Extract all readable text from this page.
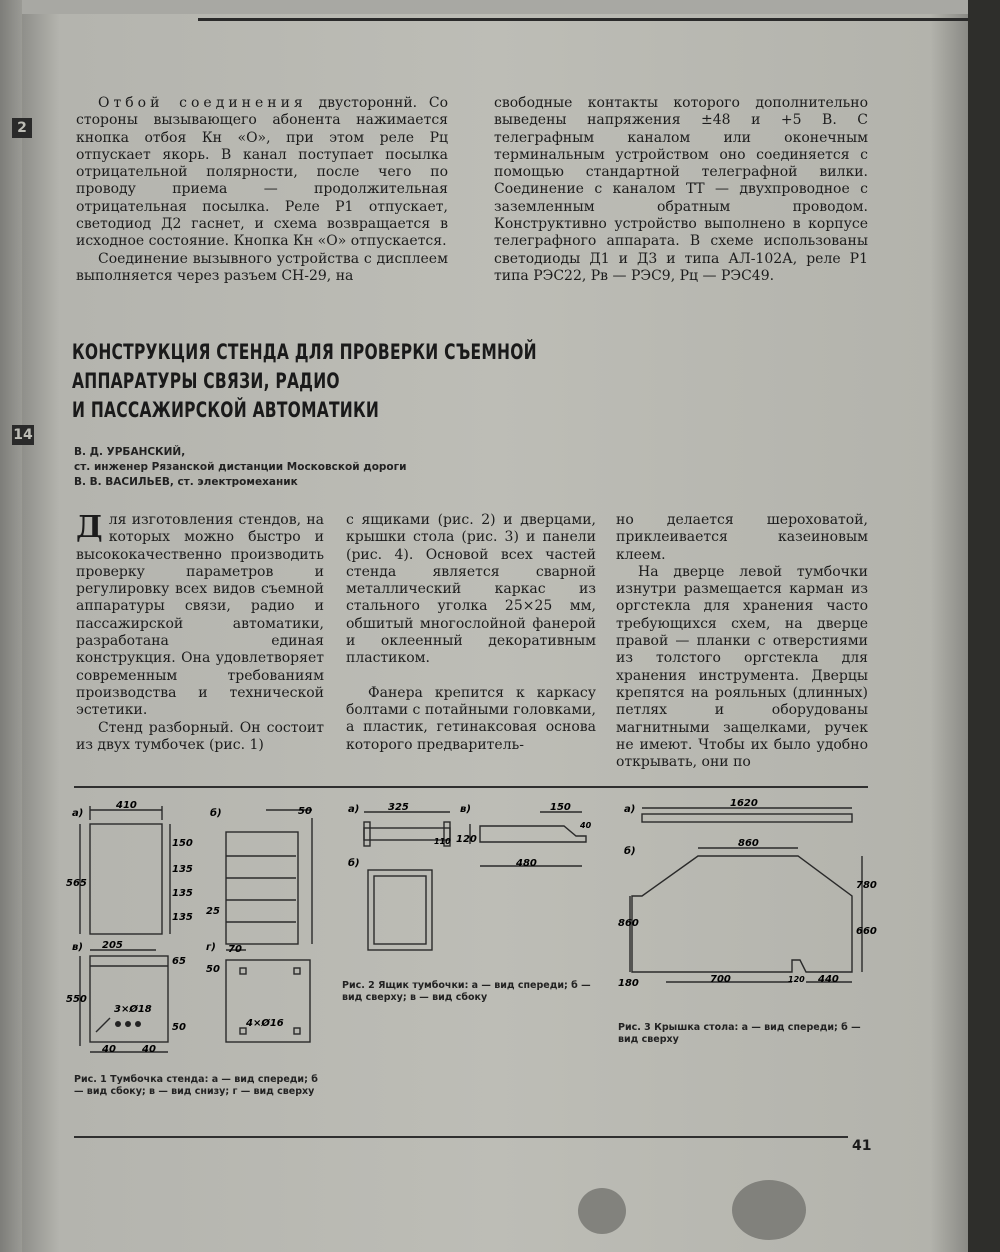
2
14

Отбой соединения двустороннй. Со стороны вызывающего абонента нажимается кнопка отбоя Кн «О», при этом реле Рц отпускает якорь. В канал поступает посылка отрицательной полярности, после чего по проводу приема — продолжительная отрицательная посылка. Реле Р1 отпускает, светодиод Д2 гаснет, и схема возвращается в исходное состояние. Кнопка Кн «О» отпускается.

Соединение вызывного устройства с дисплеем выполняется через разъем СН-29, на

свободные контакты которого дополнительно выведены напряжения ±48 и +5 В. С телеграфным каналом или оконечным терминальным устройством оно соединяется с помощью стандартной телеграфной вилки. Соединение с каналом ТТ — двухпроводное с заземленным обратным проводом. Конструктивно устройство выполнено в корпусе телеграфного аппарата. В схеме использованы светодиоды Д1 и Д3 и типа АЛ-102А, реле Р1 типа РЭС22, Рв — РЭС9, Рц — РЭС49.

КОНСТРУКЦИЯ СТЕНДА ДЛЯ ПРОВЕРКИ СЪЕМНОЙ
АППАРАТУРЫ СВЯЗИ, РАДИО
И ПАССАЖИРСКОЙ АВТОМАТИКИ
В. Д. УРБАНСКИЙ,
ст. инженер Рязанской дистанции Московской дороги
В. В. ВАСИЛЬЕВ, ст. электромеханик

Для изготовления стендов, на которых можно быстро и высококачественно производить проверку параметров и регулировку всех видов съемной аппаратуры связи, радио и пассажирской автоматики, разработана единая конструкция. Она удовлетворяет современным требованиям производства и технической эстетики.

Стенд разборный. Он состоит из двух тумбочек (рис. 1)

с ящиками (рис. 2) и дверцами, крышки стола (рис. 3) и панели (рис. 4). Основой всех частей стенда является сварной металлический каркас из стального уголка 25×25 мм, обшитый многослойной фанерой и оклеенный декоративным пластиком.

Фанера крепится к каркасу болтами с потайными головками, а пластик, гетинаксовая основа которого предваритель-

но делается шероховатой, приклеивается казеиновым клеем.

На дверце левой тумбочки изнутри размещается карман из оргстекла для хранения часто требующихся схем, на дверце правой — планки с отверстиями из толстого оргстекла для хранения инструмента. Дверцы крепятся на рояльных (длинных) петлях и оборудованы магнитными защелками, ручек не имеют. Чтобы их было удобно открывать, они по

а)	б)
в)	г)
410
50
565
150
135
135
135
25
205	70
65
550
50
3×Ø18
4×Ø16
50
40	40
а)
б)
в)
325
110 120
150
40
480
а)
б)
1620
860
780
860
660
180	700	120 440
Рис. 1 Тумбочка стенда: а — вид спереди; б — вид сбоку; в — вид снизу; г — вид сверху
Рис. 2 Ящик тумбочки: а — вид спереди; б — вид сверху; в — вид сбоку
Рис. 3 Крышка стола: а — вид спереди; б — вид сверху
41
